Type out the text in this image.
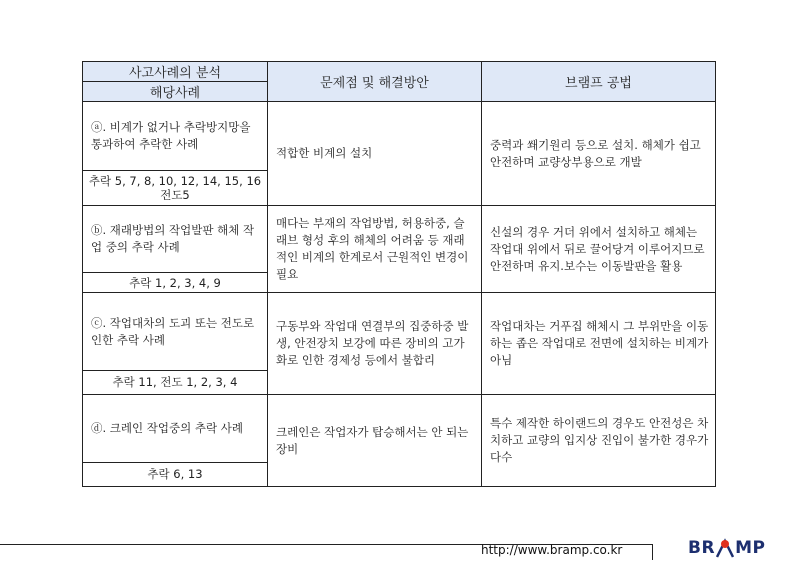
사고사례의 분석	문제점 및 해결방안	브램프 공법
해당사례		
ⓐ. 비계가 없거나 추락방지망을 통과하여 추락한 사례	적합한 비계의 설치	중력과 쐐기원리 등으로 설치. 해체가 쉽고 안전하며 교량상부용으로 개발
추락 5, 7, 8, 10, 12, 14, 15, 16 전도5		
ⓑ. 재래방법의 작업발판 해체 작업 중의 추락 사례	매다는 부재의 작업방법, 허용하중, 슬래브 형성 후의 해체의 어려움 등 재래적인 비계의 한계로서 근원적인 변경이 필요	신설의 경우 거더 위에서 설치하고 해체는 작업대 위에서 뒤로 끌어당겨 이루어지므로 안전하며 유지.보수는 이동발판을 활용
추락 1, 2, 3, 4, 9		
ⓒ. 작업대차의 도괴 또는 전도로 인한 추락 사례	구동부와 작업대 연결부의 집중하중 발생, 안전장치 보강에 따른 장비의 고가화로 인한 경제성 등에서 불합리	작업대차는 거푸집 해체시 그 부위만을 이동하는 좁은 작업대로 전면에 설치하는 비계가 아님
추락 11, 전도 1, 2, 3, 4		
ⓓ. 크레인 작업중의 추락 사례	크레인은 작업자가 탑승해서는 안 되는 장비	특수 제작한 하이랜드의 경우도 안전성은 차치하고 교량의 입지상 진입이 불가한 경우가 다수
추락 6, 13		
http://www.bramp.co.kr	BR MP
